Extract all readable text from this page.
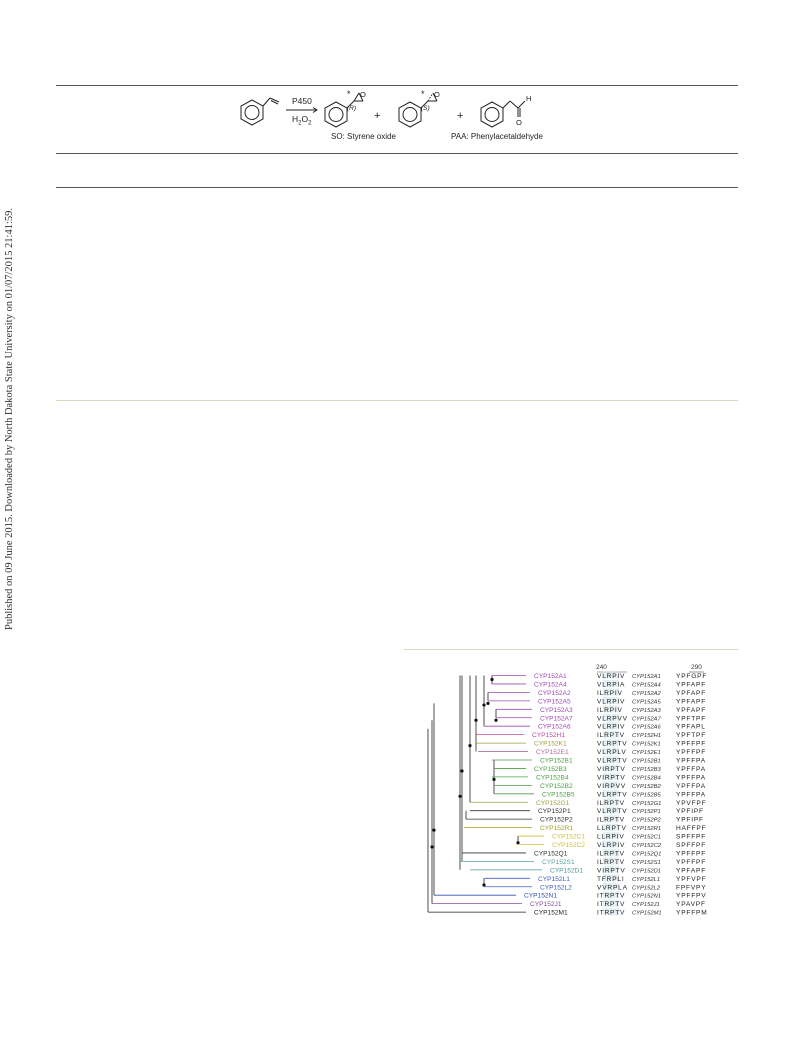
Published on 09 June 2015. Downloaded by North Dakota State University on 01/07/2015 21:41:59.
P450
$H_2O_2$
* O
(R)
+
* O
(S)
+
H
O
SO: Styrene oxide	PAA: Phenylacetaldehyde
240	290
CYP152A1	VLRPIV CYP152A1 YPFGPF
CYP152A4	VLRPIA CYP152A4 YPFAPF
CYP152A2	ILRPIV CYP152A2 YPFAPF
CYP152A5	VLRPIV CYP152A5 YPFAPF
CYP152A3	ILRPIV CYP152A3 YPFAPF
CYP152A7	VLRPVV CYP152A7 YPFTPF
CYP152A6	VLRPIV CYP152A6 YPFAPL
CYP152H1	ILRPTV CYP152H1 YPFTPF
CYP152K1	VLRPTV CYP152K1 YPFFPF
CYP152E1	VLRPLV CYP152E1 YPFFPF
CYP152B1	VLRPTV CYP152B1 YPFFPA
CYP152B3	VIRPTV CYP152B3 YPFFPA
CYP152B4	VIRPTV CYP152B4 YPFFPA
CYP152B2	VIRPVV CYP152B2 YPFFPA
CYP152B5	VLRPTV CYP152B5 YPFFPA
CYP152G1	ILRPTV CYP152G1 YPVFPF
CYP152P1	VLRPTV CYP152P1 YPFIPF
CYP152P2	ILRPTV CYP152P2 YPFIPF
CYP152R1	LLRPTV CYP152R1 HAFFPF
CYP152C1 LLRPIV CYP152C1 SPFFPF
CYP152C2 VLRPIV CYP152C2 SPFFPF
CYP152Q1	ILRPTV CYP152Q1 YPFFPF
CYP152S1	ILRPTV CYP152S1 YPFFPF
CYP152D1 VIRPTV CYP152D1 YPFAPF
CYP152L1	TFRPLI CYP152L1 YPFVPF
CYP152L2	VVRPLA CYP152L2 FPFVPY
CYP152N1	ITRPTV CYP152N1 YPFFPV
CYP152J1	ITRPTV CYP152J1 YPAVPF
CYP152M1	ITRPTV CYP152M1 YPFFPM
